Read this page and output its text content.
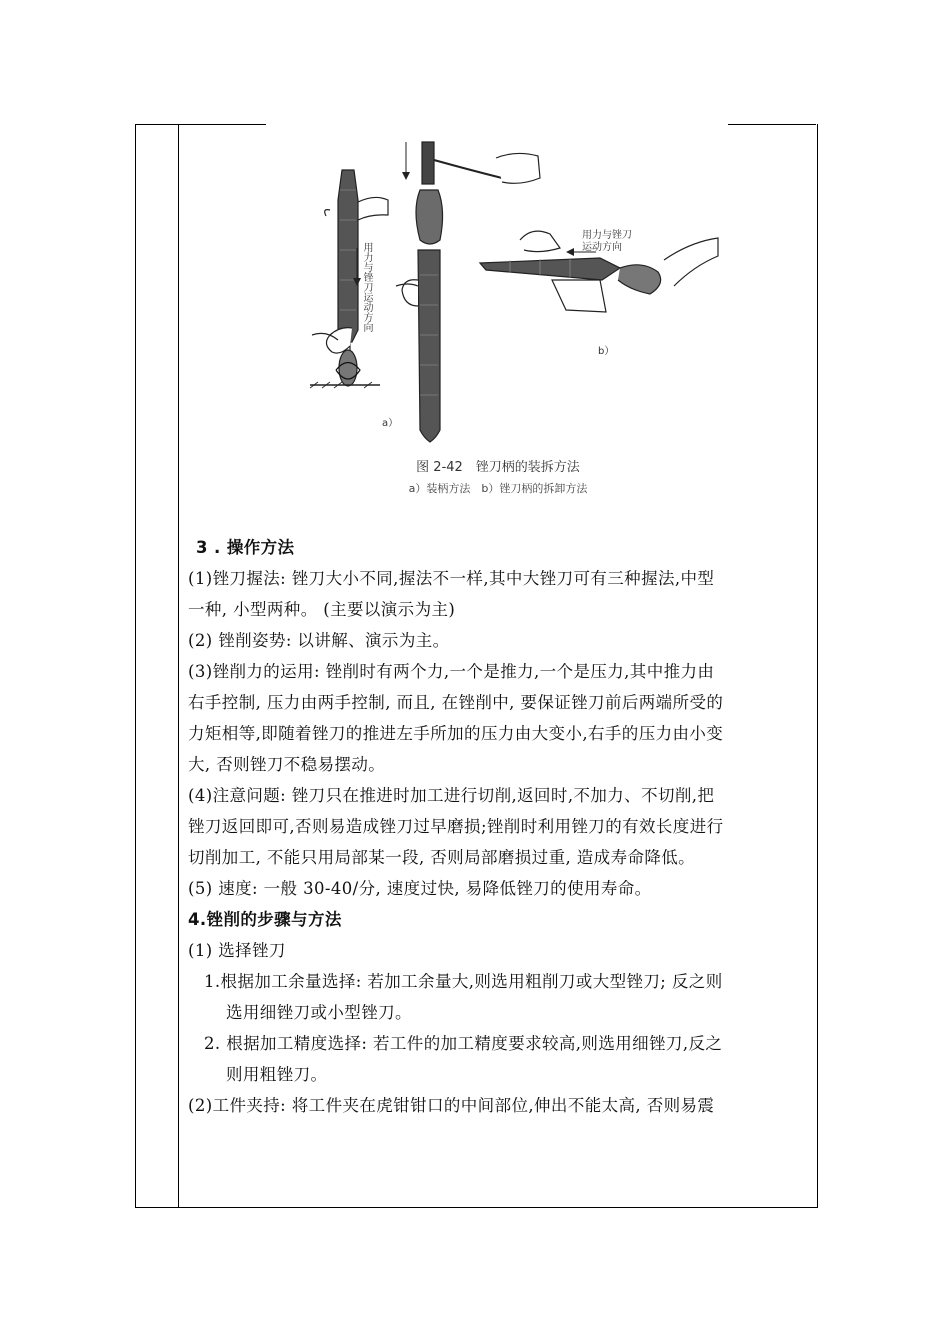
用力与锉刀运动方向
用力与锉刀
运动方向
b）
a）
图 2-42　锉刀柄的装拆方法
a）装柄方法　b）锉刀柄的拆卸方法
3 . 操作方法
(1)锉刀握法: 锉刀大小不同,握法不一样,其中大锉刀可有三种握法,中型
一种, 小型两种。 (主要以演示为主)
(2) 锉削姿势: 以讲解、演示为主。
(3)锉削力的运用: 锉削时有两个力,一个是推力,一个是压力,其中推力由
右手控制, 压力由两手控制, 而且, 在锉削中, 要保证锉刀前后两端所受的
力矩相等,即随着锉刀的推进左手所加的压力由大变小,右手的压力由小变
大, 否则锉刀不稳易摆动。
(4)注意问题: 锉刀只在推进时加工进行切削,返回时,不加力、不切削,把
锉刀返回即可,否则易造成锉刀过早磨损;锉削时利用锉刀的有效长度进行
切削加工, 不能只用局部某一段, 否则局部磨损过重, 造成寿命降低。
(5) 速度: 一般 30-40/分, 速度过快, 易降低锉刀的使用寿命。
4.锉削的步骤与方法
(1) 选择锉刀
1.根据加工余量选择: 若加工余量大,则选用粗削刀或大型锉刀; 反之则
选用细锉刀或小型锉刀。
2. 根据加工精度选择: 若工件的加工精度要求较高,则选用细锉刀,反之
则用粗锉刀。
(2)工件夹持: 将工件夹在虎钳钳口的中间部位,伸出不能太高, 否则易震
